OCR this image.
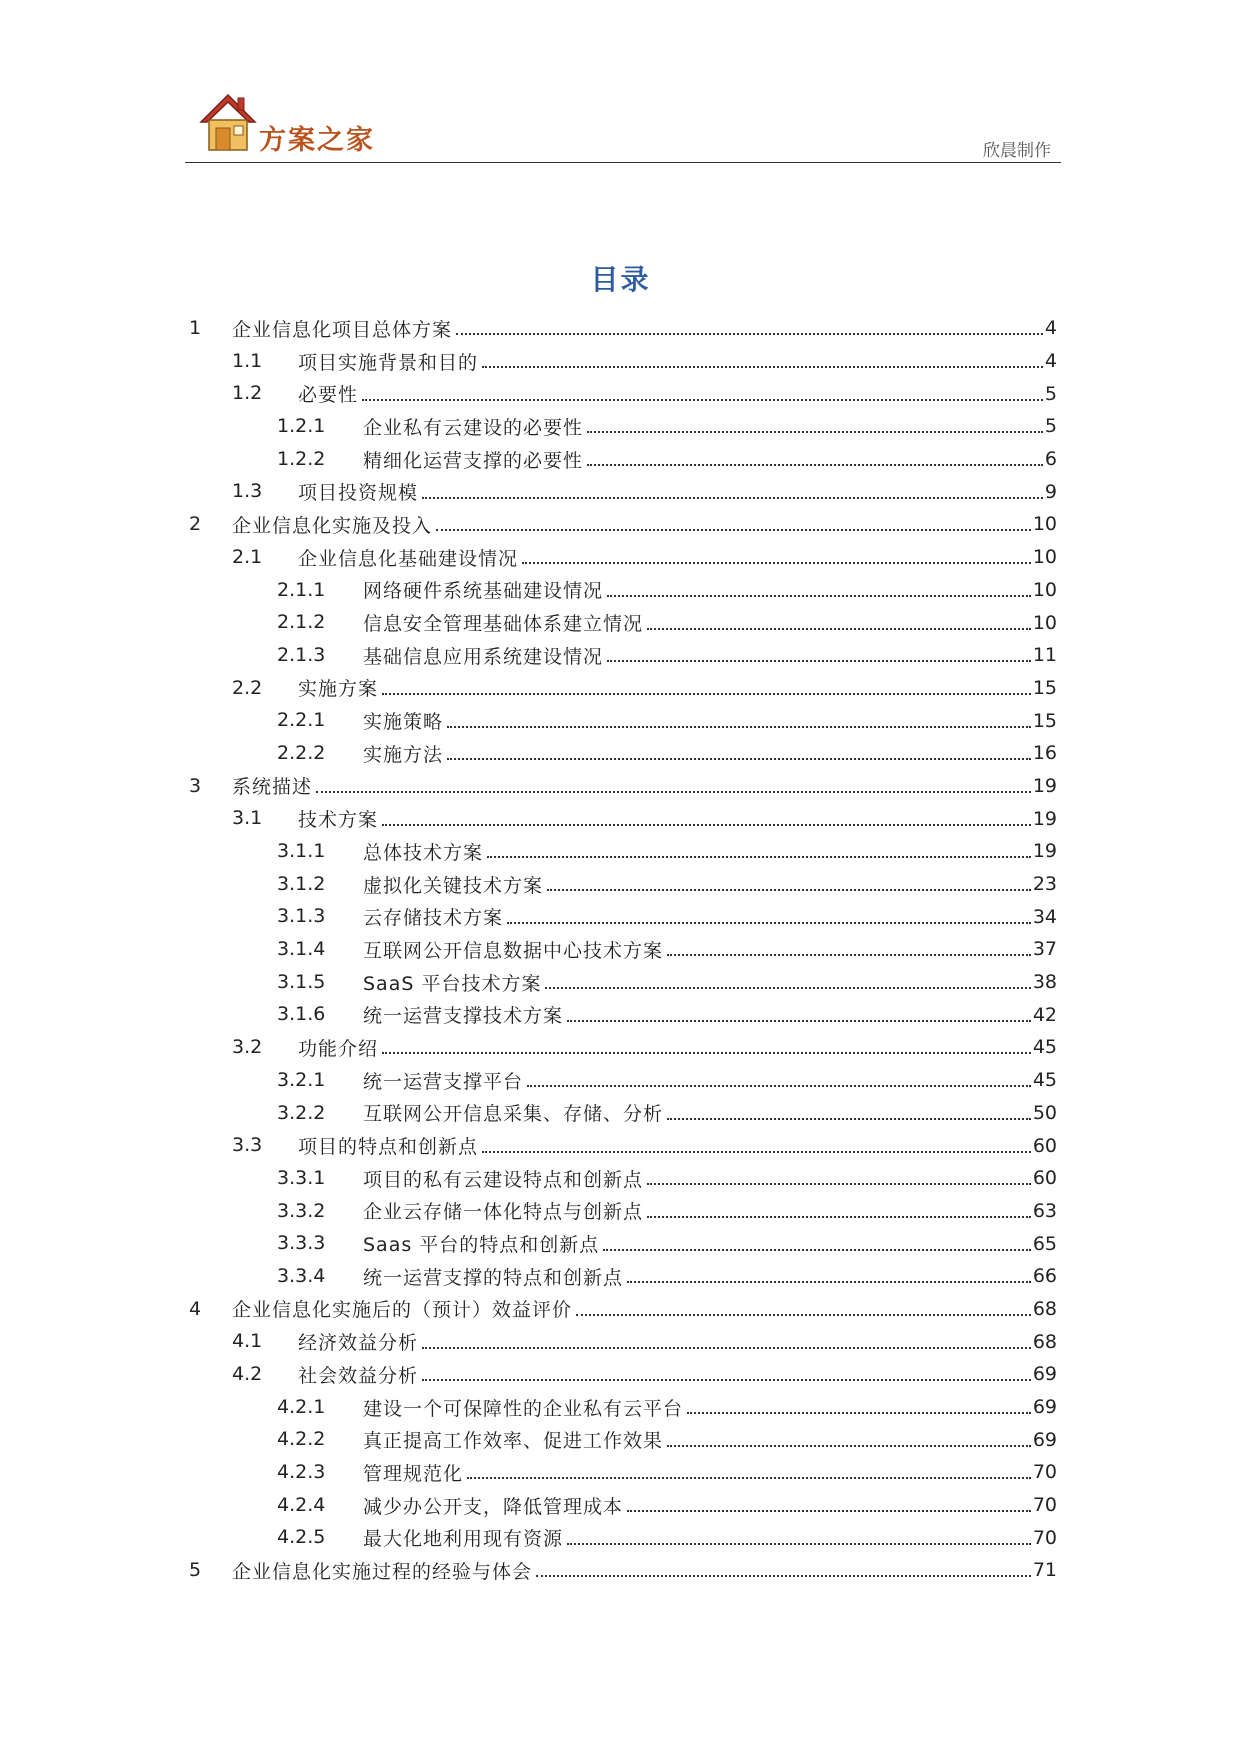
方案之家	欣晨制作
目录
1 企业信息化项目总体方案	4
1.1 项目实施背景和目的	4
1.2 必要性	5
1.2.1 企业私有云建设的必要性	5
1.2.2 精细化运营支撑的必要性	6
1.3 项目投资规模	9
2 企业信息化实施及投入	10
2.1 企业信息化基础建设情况	10
2.1.1 网络硬件系统基础建设情况	10
2.1.2 信息安全管理基础体系建立情况	10
2.1.3 基础信息应用系统建设情况	11
2.2 实施方案	15
2.2.1 实施策略	15
2.2.2 实施方法	16
3 系统描述	19
3.1 技术方案	19
3.1.1 总体技术方案	19
3.1.2 虚拟化关键技术方案	23
3.1.3 云存储技术方案	34
3.1.4 互联网公开信息数据中心技术方案	37
3.1.5 SaaS 平台技术方案	38
3.1.6 统一运营支撑技术方案	42
3.2 功能介绍	45
3.2.1 统一运营支撑平台	45
3.2.2 互联网公开信息采集、存储、分析	50
3.3 项目的特点和创新点	60
3.3.1 项目的私有云建设特点和创新点	60
3.3.2 企业云存储一体化特点与创新点	63
3.3.3 Saas 平台的特点和创新点	65
3.3.4 统一运营支撑的特点和创新点	66
4 企业信息化实施后的（预计）效益评价	68
4.1 经济效益分析	68
4.2 社会效益分析	69
4.2.1 建设一个可保障性的企业私有云平台	69
4.2.2 真正提高工作效率、促进工作效果	69
4.2.3 管理规范化	70
4.2.4 减少办公开支，降低管理成本	70
4.2.5 最大化地利用现有资源	70
5 企业信息化实施过程的经验与体会	71
